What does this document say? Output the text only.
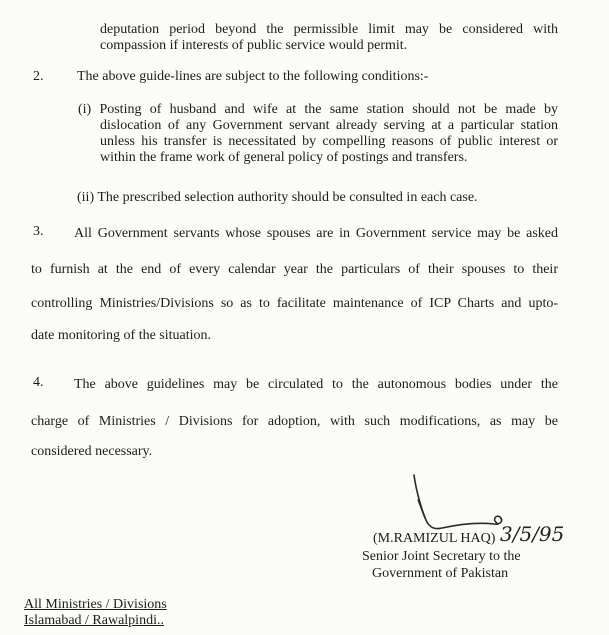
deputation period beyond the permissible limit may be considered with
compassion if interests of public service would permit.
2. The above guide-lines are subject to the following conditions:-
(i) Posting of husband and wife at the same station should not be made by
dislocation of any Government servant already serving at a particular station
unless his transfer is necessitated by compelling reasons of public interest or
within the frame work of general policy of postings and transfers.
(ii) The prescribed selection authority should be consulted in each case.
3. All Government servants whose spouses are in Government service may be asked
to furnish at the end of every calendar year the particulars of their spouses to their
controlling Ministries/Divisions so as to facilitate maintenance of ICP Charts and upto-
date monitoring of the situation.
4. The above guidelines may be circulated to the autonomous bodies under the
charge of Ministries / Divisions for adoption, with such modifications, as may be
considered necessary.
(M.RAMIZUL HAQ) 3/5/95
Senior Joint Secretary to the
Government of Pakistan
All Ministries / Divisions
Islamabad / Rawalpindi..
